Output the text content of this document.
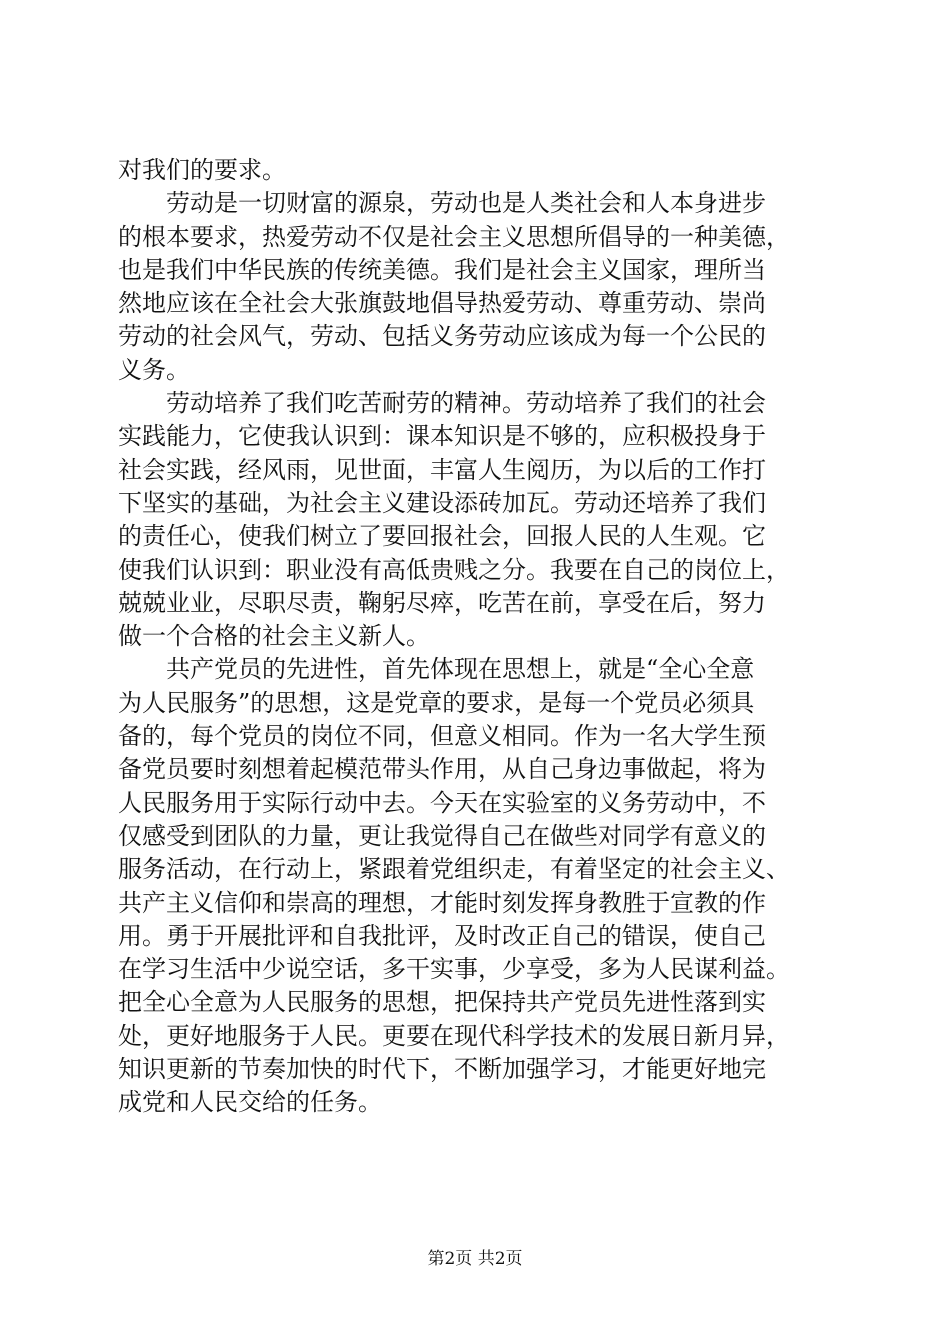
对我们的要求。
　　劳动是一切财富的源泉，劳动也是人类社会和人本身进步
的根本要求，热爱劳动不仅是社会主义思想所倡导的一种美德，
也是我们中华民族的传统美德。我们是社会主义国家，理所当
然地应该在全社会大张旗鼓地倡导热爱劳动、尊重劳动、崇尚
劳动的社会风气，劳动、包括义务劳动应该成为每一个公民的
义务。
　　劳动培养了我们吃苦耐劳的精神。劳动培养了我们的社会
实践能力，它使我认识到：课本知识是不够的，应积极投身于
社会实践，经风雨，见世面，丰富人生阅历，为以后的工作打
下坚实的基础，为社会主义建设添砖加瓦。劳动还培养了我们
的责任心，使我们树立了要回报社会，回报人民的人生观。它
使我们认识到：职业没有高低贵贱之分。我要在自己的岗位上，
兢兢业业，尽职尽责，鞠躬尽瘁，吃苦在前，享受在后，努力
做一个合格的社会主义新人。
　　共产党员的先进性，首先体现在思想上，就是“全心全意
为人民服务”的思想，这是党章的要求，是每一个党员必须具
备的，每个党员的岗位不同，但意义相同。作为一名大学生预
备党员要时刻想着起模范带头作用，从自己身边事做起，将为
人民服务用于实际行动中去。今天在实验室的义务劳动中，不
仅感受到团队的力量，更让我觉得自己在做些对同学有意义的
服务活动，在行动上，紧跟着党组织走，有着坚定的社会主义、
共产主义信仰和崇高的理想，才能时刻发挥身教胜于宣教的作
用。勇于开展批评和自我批评，及时改正自己的错误，使自己
在学习生活中少说空话，多干实事，少享受，多为人民谋利益。
把全心全意为人民服务的思想，把保持共产党员先进性落到实
处，更好地服务于人民。更要在现代科学技术的发展日新月异，
知识更新的节奏加快的时代下，不断加强学习，才能更好地完
成党和人民交给的任务。
第2页 共2页
